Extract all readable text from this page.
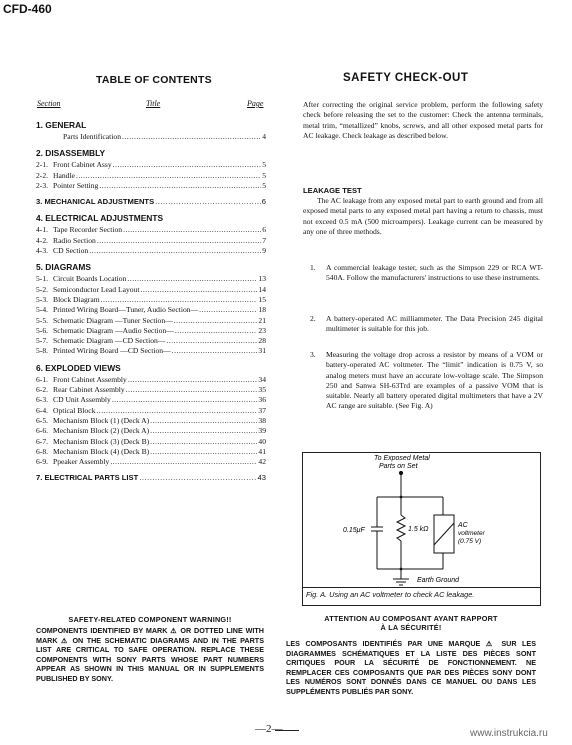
CFD-460
TABLE OF CONTENTS
Section	Title	Page
1. GENERAL
Parts Identification .....	4
2. DISASSEMBLY
2-1. Front Cabinet Assy .....	5
2-2. Handle .....	5
2-3. Pointer Setting .....	5
3. MECHANICAL ADJUSTMENTS .....	6
4. ELECTRICAL ADJUSTMENTS
4-1. Tape Recorder Section .....	6
4-2. Radio Section .....	7
4-3. CD Section .....	9
5. DIAGRAMS
5-1. Circuit Boards Location .....	13
5-2. Semiconductor Lead Layout .....	14
5-3. Block Diagram .....	15
5-4. Printed Wiring Board—Tuner, Audio Section— .....	18
5-5. Schematic Diagram —Tuner Section— .....	21
5-6. Schematic Diagram —Audio Section— .....	23
5-7. Schematic Diagram —CD Section— .....	28
5-8. Printed Wiring Board —CD Section— .....	31
6. EXPLODED VIEWS
6-1. Front Cabinet Assembly .....	34
6-2. Rear Cabinet Assembly .....	35
6-3. CD Unit Assembly .....	36
6-4. Optical Block .....	37
6-5. Mechanism Block (1) (Deck A) .....	38
6-6. Mechanism Block (2) (Deck A) .....	39
6-7. Mechanism Block (3) (Deck B) .....	40
6-8. Mechanism Block (4) (Deck B) .....	41
6-9. Ppeaker Assembly .....	42
7. ELECTRICAL PARTS LIST .....	43
SAFETY CHECK-OUT
After correcting the original service problem, perform the following safety check before releasing the set to the customer: Check the antenna terminals, metal trim, “metallized” knobs, screws, and all other exposed metal parts for AC leakage. Check leakage as described below.
LEAKAGE TEST
The AC leakage from any exposed metal part to earth ground and from all exposed metal parts to any exposed metal part having a return to chassis, must not exceed 0.5 mA (500 microampers). Leakage current can be measured by any one of three methods.
1.	A commercial leakage tester, such as the Simpson 229 or RCA WT-540A. Follow the manufacturers' instructions to use these instruments.
2.	A battery-operated AC milliammeter. The Data Precision 245 digital multimeter is suitable for this job.
3.	Measuring the voltage drop across a resistor by means of a VOM or battery-operated AC voltmeter. The “limit” indication is 0.75 V, so analog meters must have an accurate low-voltage scale. The Simpson 250 and Sanwa SH-63Trd are examples of a passive VOM that is suitable. Nearly all battery operated digital multimeters that have a 2V AC range are suitable. (See Fig. A)
To Exposed Metal
Parts on Set
0.15μF	1.5 kΩ
AC
voltmeter
(0.75 V)
Earth Ground
Fig. A. Using an AC voltmeter to check AC leakage.
SAFETY-RELATED COMPONENT WARNING!!
COMPONENTS IDENTIFIED BY MARK ⚠ OR DOTTED LINE WITH MARK ⚠ ON THE SCHEMATIC DIAGRAMS AND IN THE PARTS LIST ARE CRITICAL TO SAFE OPERATION. REPLACE THESE COMPONENTS WITH SONY PARTS WHOSE PART NUMBERS APPEAR AS SHOWN IN THIS MANUAL OR IN SUPPLEMENTS PUBLISHED BY SONY.
ATTENTION AU COMPOSANT AYANT RAPPORT
À LA SÉCURITÉ!
LES COMPOSANTS IDENTIFIÉS PAR UNE MARQUE ⚠ SUR LES DIAGRAMMES SCHÉMATIQUES ET LA LISTE DES PIÈCES SONT CRITIQUES POUR LA SÉCURITÉ DE FONCTIONNEMENT. NE REMPLACER CES COMPOSANTS QUE PAR DES PIÈCES SONY DONT LES NUMÉROS SONT DONNÉS DANS CE MANUEL OU DANS LES SUPPLÉMENTS PUBLIÉS PAR SONY.
—2—	www.instrukcia.ru
